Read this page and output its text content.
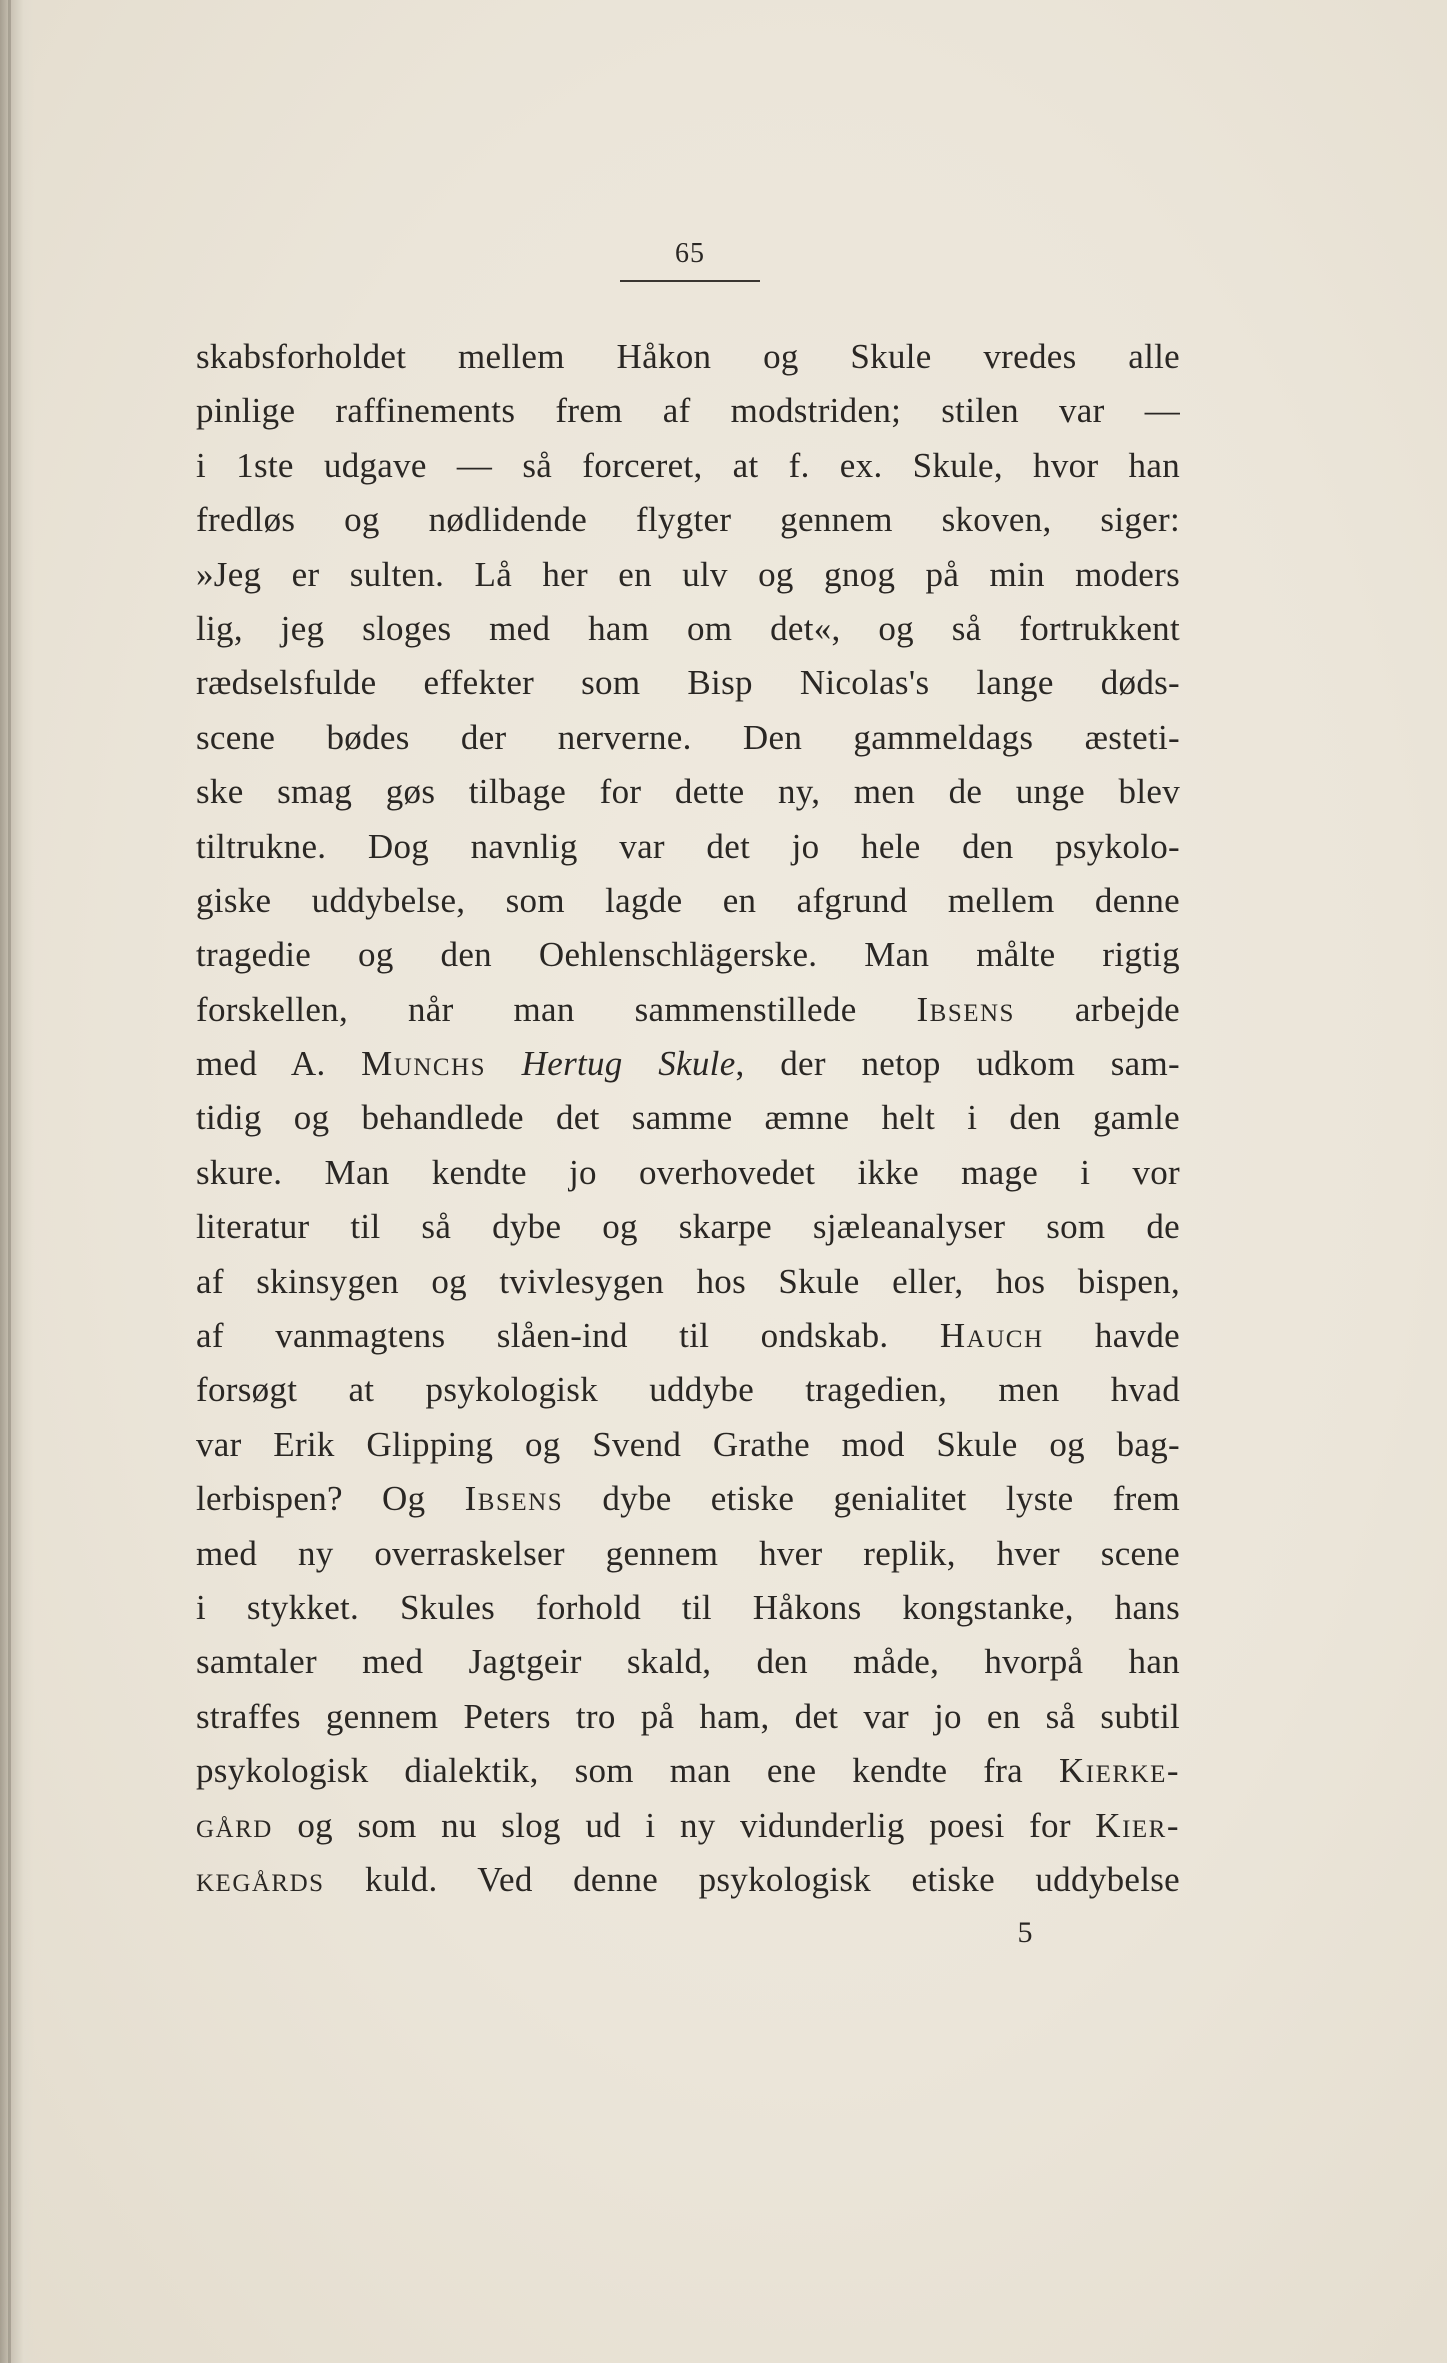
65
skabsforholdet mellem Håkon og Skule vredes alle
pinlige raffinements frem af modstriden; stilen var —
i 1ste udgave — så forceret, at f. ex. Skule, hvor han
fredløs og nødlidende flygter gennem skoven, siger:
»Jeg er sulten. Lå her en ulv og gnog på min moders
lig, jeg sloges med ham om det«, og så fortrukkent
rædselsfulde effekter som Bisp Nicolas's lange døds-
scene bødes der nerverne. Den gammeldags æsteti-
ske smag gøs tilbage for dette ny, men de unge blev
tiltrukne. Dog navnlig var det jo hele den psykolo-
giske uddybelse, som lagde en afgrund mellem denne
tragedie og den Oehlenschlägerske. Man målte rigtig
forskellen, når man sammenstillede Ibsens arbejde
med A. Munchs Hertug Skule, der netop udkom sam-
tidig og behandlede det samme æmne helt i den gamle
skure. Man kendte jo overhovedet ikke mage i vor
literatur til så dybe og skarpe sjæleanalyser som de
af skinsygen og tvivlesygen hos Skule eller, hos bispen,
af vanmagtens slåen-ind til ondskab. Hauch havde
forsøgt at psykologisk uddybe tragedien, men hvad
var Erik Glipping og Svend Grathe mod Skule og bag-
lerbispen? Og Ibsens dybe etiske genialitet lyste frem
med ny overraskelser gennem hver replik, hver scene
i stykket. Skules forhold til Håkons kongstanke, hans
samtaler med Jagtgeir skald, den måde, hvorpå han
straffes gennem Peters tro på ham, det var jo en så subtil
psykologisk dialektik, som man ene kendte fra Kierke-
gård og som nu slog ud i ny vidunderlig poesi for Kier-
kegårds kuld. Ved denne psykologisk etiske uddybelse
5
